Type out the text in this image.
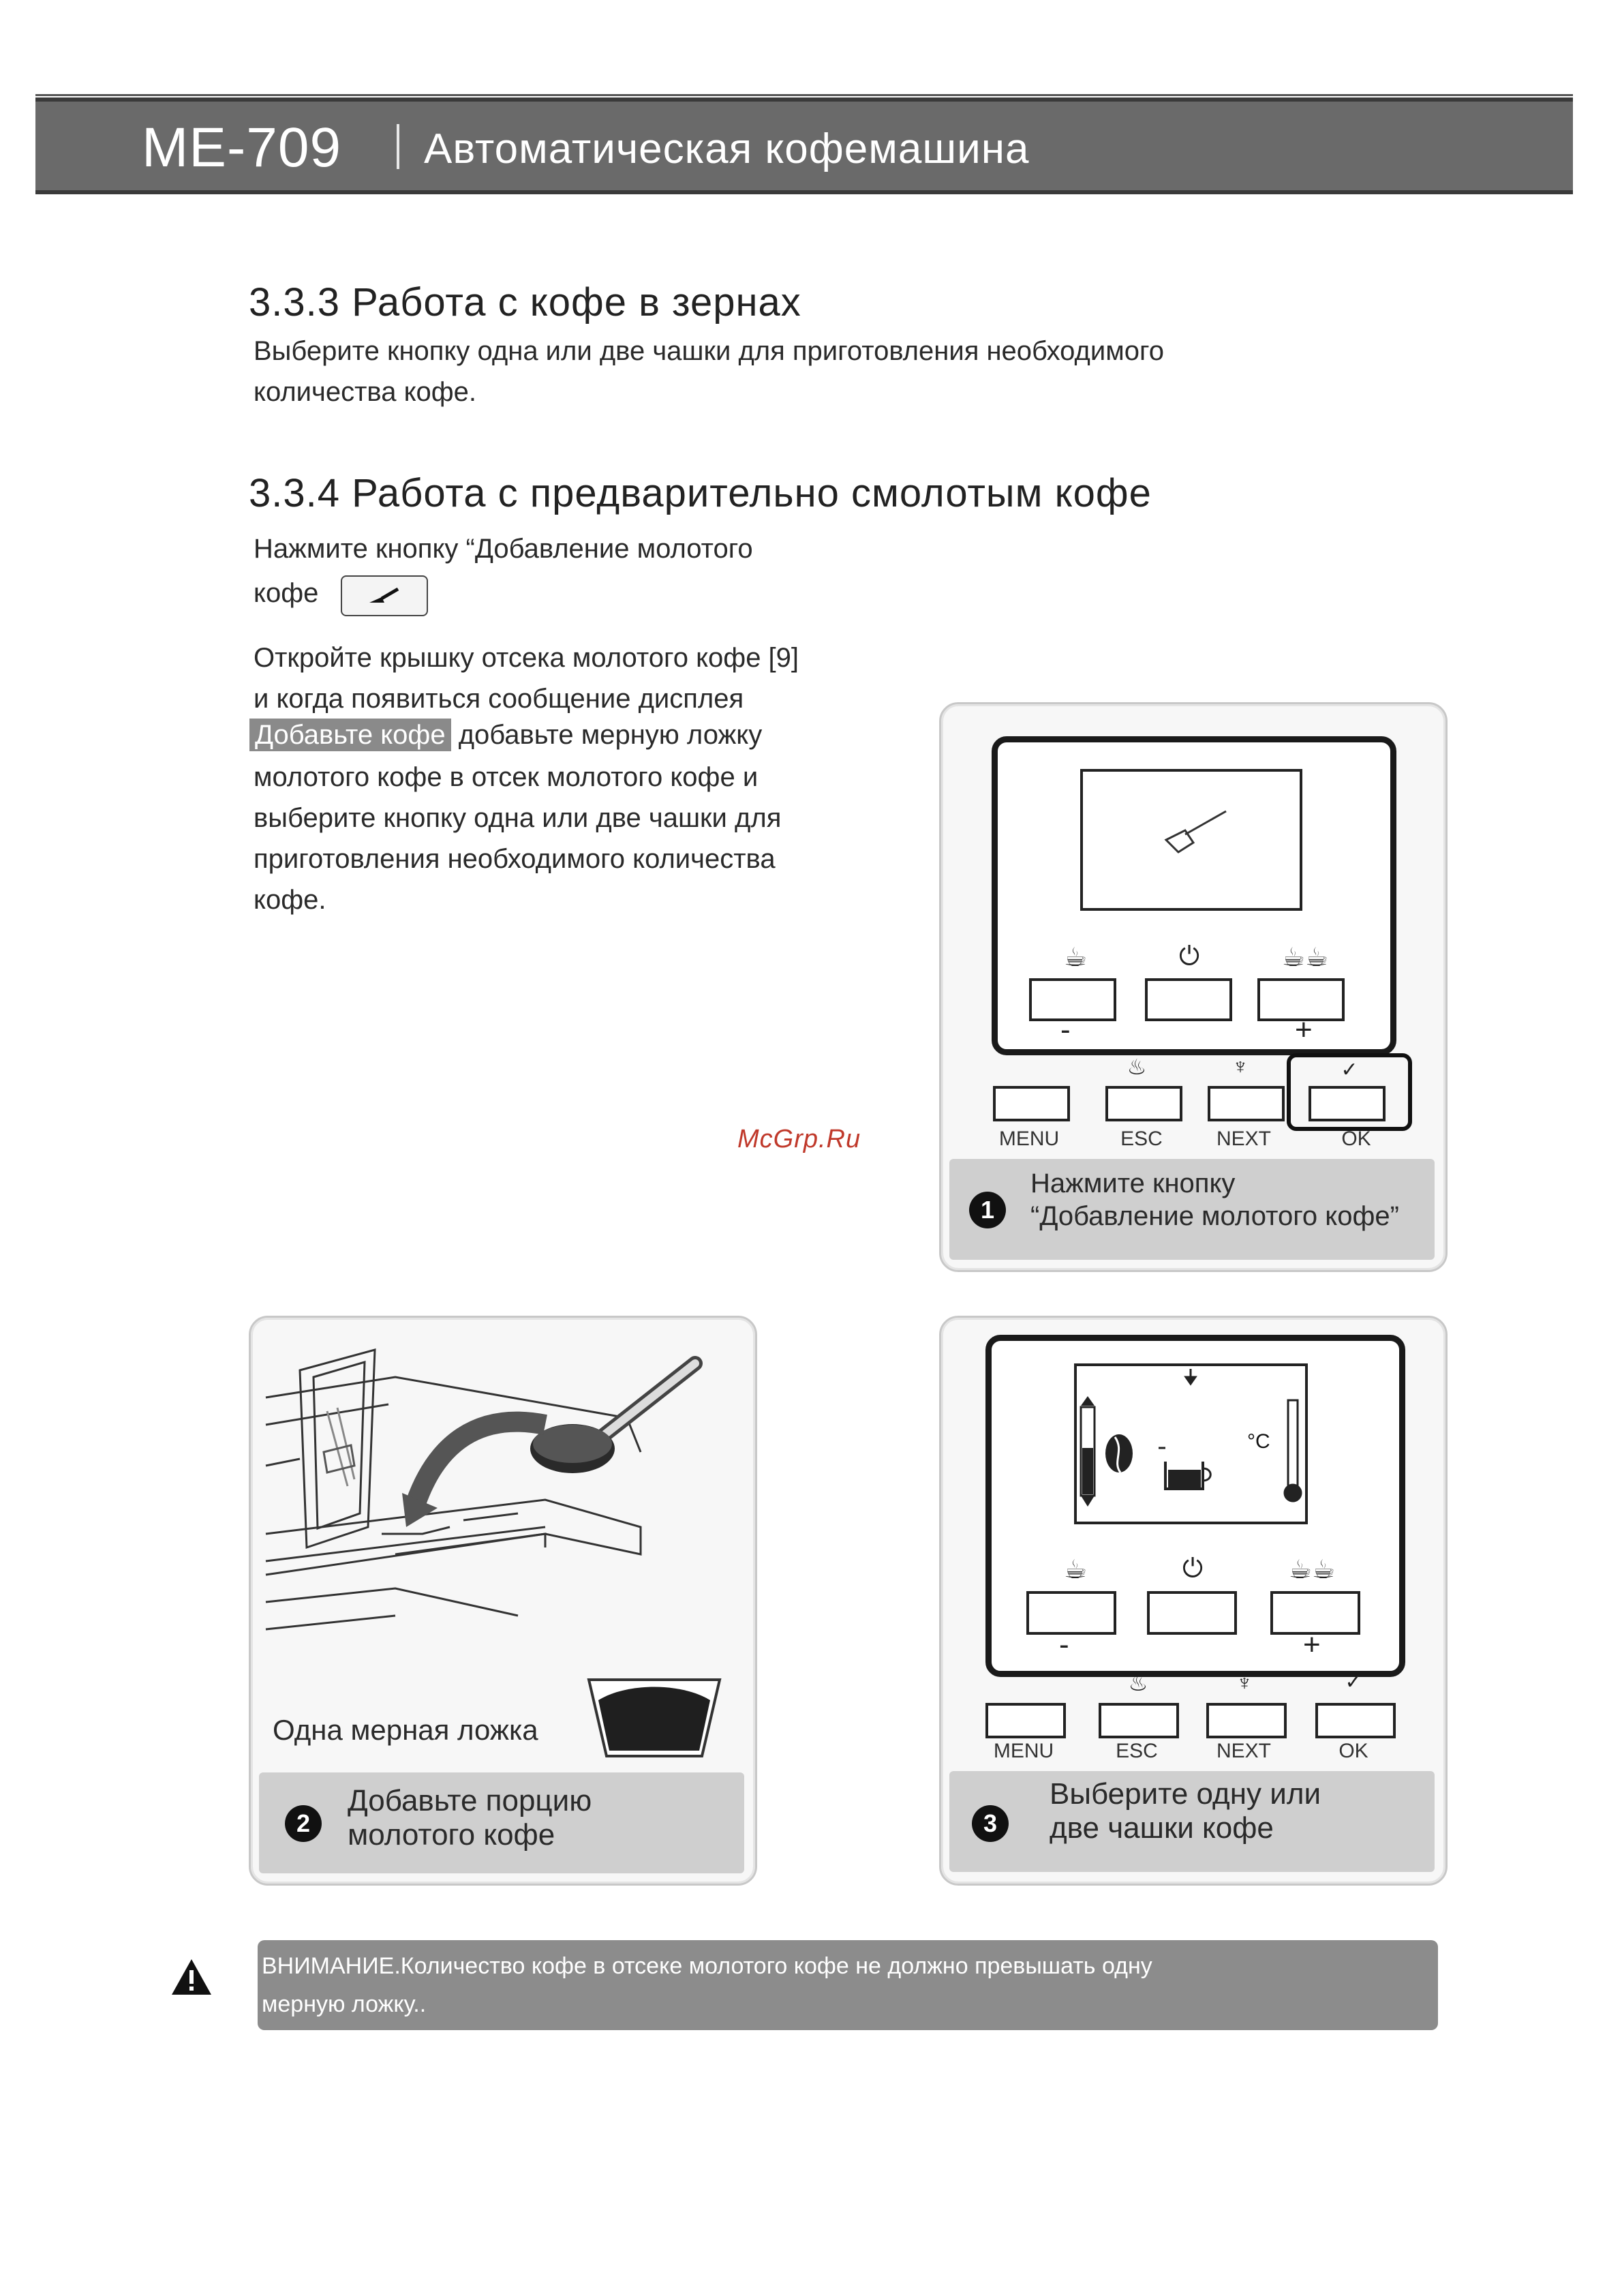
ME-709 Автоматическая кофемашина
3.3.3 Работа с кофе в зернах
Выберите кнопку одна или две чашки для приготовления необходимого
количества кофе.
3.3.4 Работа с предварительно смолотым кофе
Нажмите кнопку “Добавление молотого
кофе
Откройте крышку отсека молотого кофе [9]
и когда появиться сообщение дисплея
Добавьте кофе добавьте мерную ложку
молотого кофе в отсек молотого кофе и
выберите кнопку одна или две чашки для
приготовления необходимого количества
кофе.
McGrp.Ru
☕	⏻	☕☕
-	+
♨	♆	✓
MENU	ESC	NEXT	OK
1
Нажмите кнопку
“Добавление молотого кофе”
Одна мерная ложка
2
Добавьте порцию
молотого кофе
°C
☕	⏻	☕☕
-	+
♨	♆	✓
MENU	ESC	NEXT	OK
3
Выберите одну или
две чашки кофе
ВНИМАНИЕ.Количество кофе в отсеке молотого кофе не должно превышать одну
мерную ложку..
